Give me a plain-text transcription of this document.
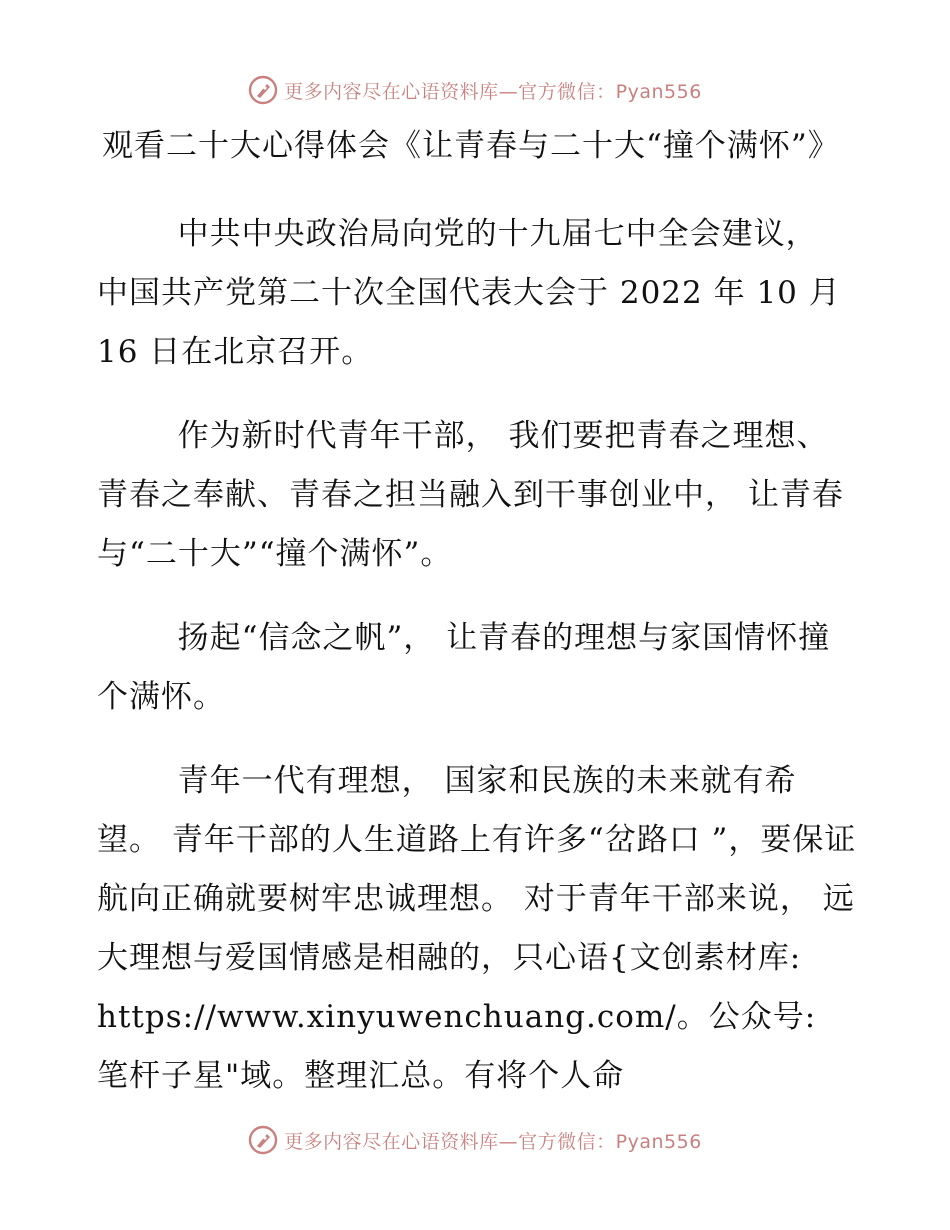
更多内容尽在心语资料库—官方微信：Pyan556
观看二十大心得体会《让青春与二十大“撞个满怀”》

中共中央政治局向党的十九届七中全会建议， 中国共产党第二十次全国代表大会于 2022 年 10 月 16 日在北京召开。

作为新时代青年干部， 我们要把青春之理想、 青春之奉献、青春之担当融入到干事创业中， 让青春与“二十大”“撞个满怀”。

扬起“信念之帆”， 让青春的理想与家国情怀撞个满怀。

青年一代有理想， 国家和民族的未来就有希望。 青年干部的人生道路上有许多“岔路口 ”，要保证航向正确就要树牢忠诚理想。 对于青年干部来说， 远大理想与爱国情感是相融的，只心语{文创素材库: https://www.xinyuwenchuang.com/。公众号: 笔杆子星"域。整理汇总。有将个人命

更多内容尽在心语资料库—官方微信：Pyan556
